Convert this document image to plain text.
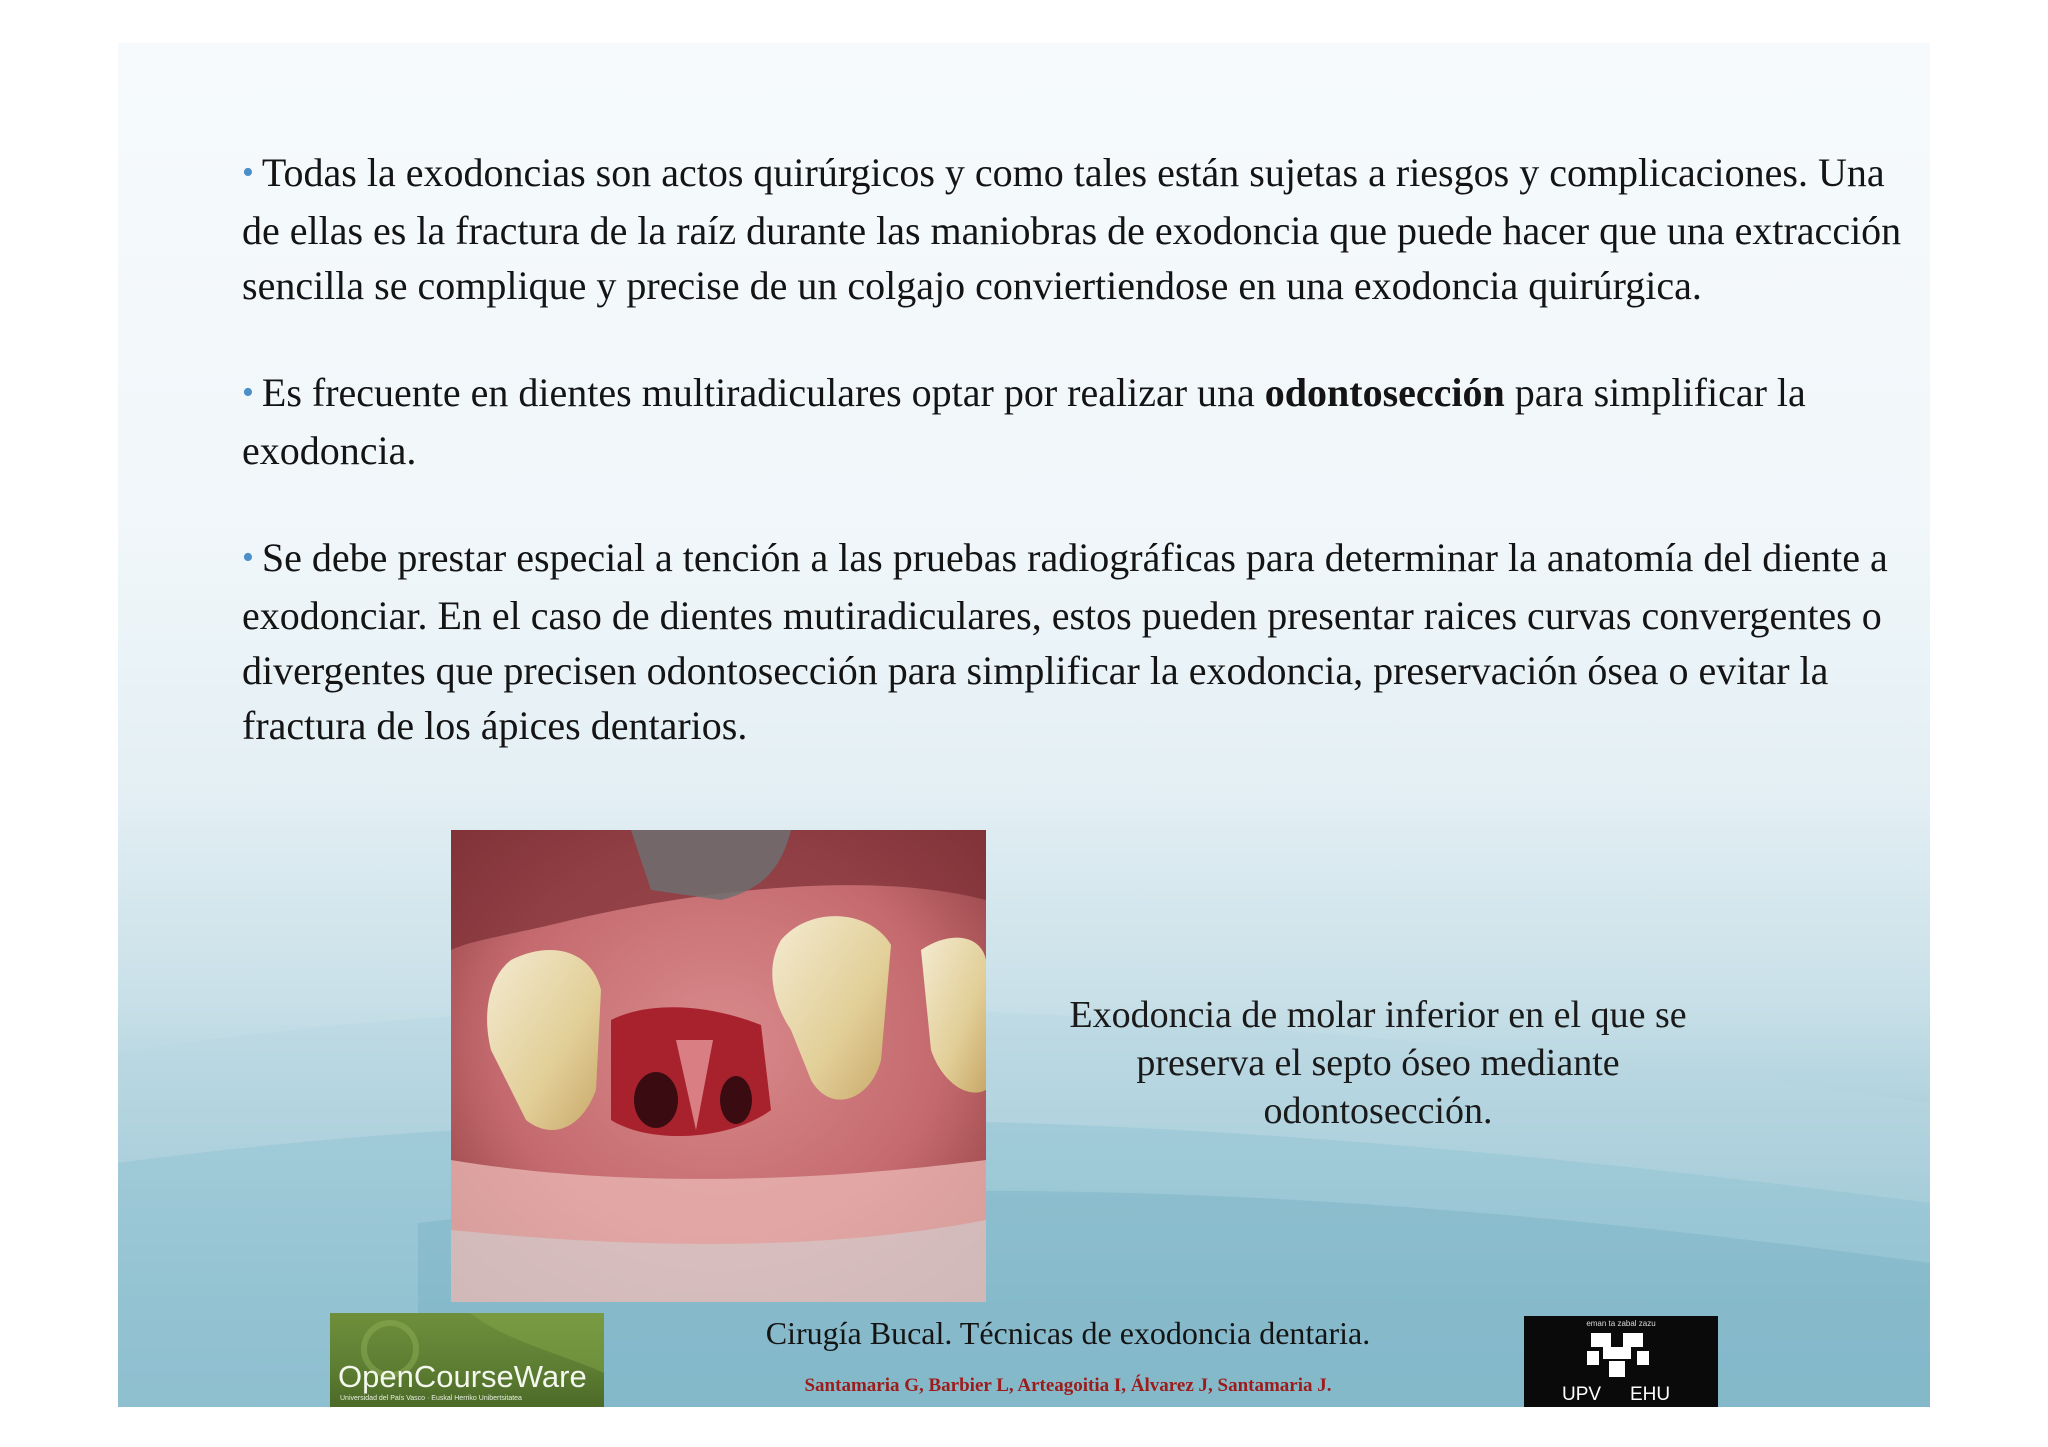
• Todas la exodoncias son actos quirúrgicos y como tales están sujetas a riesgos y complicaciones. Una de ellas es la fractura de la raíz durante las maniobras de exodoncia que puede hacer que una extracción sencilla se complique y precise de un colgajo conviertiendose en una exodoncia quirúrgica.

• Es frecuente en dientes multiradiculares optar por realizar una odontosección para simplificar la exodoncia.

• Se debe prestar especial a tención a las pruebas radiográficas para determinar la anatomía del diente a exodonciar. En el caso de dientes mutiradiculares, estos pueden presentar raices curvas convergentes o divergentes que precisen odontosección para simplificar la exodoncia, preservación ósea o evitar la fractura de los ápices dentarios.

Exodoncia de molar inferior en el que se
preserva el septo óseo mediante
odontosección.
OpenCourseWare
Universidad del País Vasco · Euskal Herriko Unibertsitatea
Cirugía Bucal. Técnicas de exodoncia dentaria.
Santamaria G, Barbier L, Arteagoitia I, Álvarez J, Santamaria J.
eman ta zabal zazu
UPV EHU
